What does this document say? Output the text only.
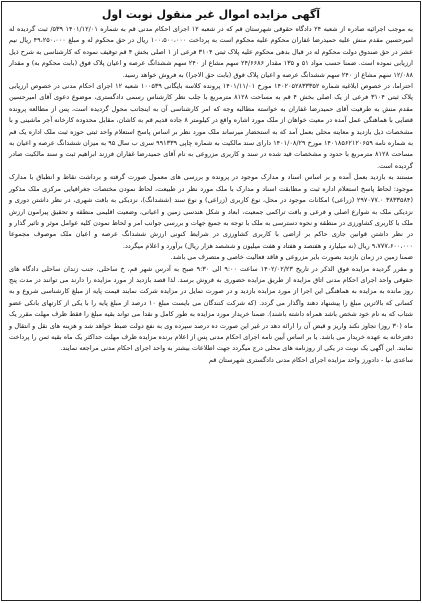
آگهی مزایده اموال غیر منقول نوبت اول

به موجب اجرائیه صادره از شعبه ۲۴ دادگاه حقوقی شهرستان قم که در شعبه ۱۲ اجرای احکام مدنی قم به شماره ۱۴۰۱/۱۲/۰۱ ۵۳۹/ ثبت گردیده له امیرحسین مقدم منش علیه حمیدرضا غفاران محکوم علیه محکوم است به پرداخت ۱۰۰،۵۰۰،۰۰۰ ریال در حق محکوم له و مبلغ ۴۹،۲۵۰،۰۰۰ ریال نیم عشر در حق صندوق دولت محکوم له در قبال بدهی محکوم علیه پلاک ثبتی ۳۱۰۴ فرعی از ۱ اصلی بخش ۴ قم توقیف نموده که کارشناسی به شرح ذیل ارزیابی نموده است. ضمنا حسب مواد ۵۱ و ۱۳۵ مقدار ۲۴/۶۶۸۶ سهم مشاع از ۲۴۰ سهم ششدانگ عرصه و اعیان پلاک فوق (بابت محکوم به) و مقدار ۱۲/۰۸۸ سهم مشاع از ۲۴۰ سهم ششدانگ عرصه و اعیان پلاک فوق (بابت حق الاجرا) به فروش خواهد رسید.

احتراما، در خصوص ابلاغیه شماره ۱۴۰۲۰۵۲۸۳۳۳۵۲ مورخ ۱۴۰۱/۱۱/۰۱ پرونده کلاسه بایگانی ۱۰۰۵۳۹ شعبه ۱۲ اجرای احکام مدنی در خصوص ارزیابی پلاک ثبتی ۳۱۰۴ فرعی از یک اصلی بخش ۴ قم به مساحت ۸۱۲۸ مترمربع با جلب نظر کارشناس رسمی دادگستری، موضوع دعوی آقای امیرحسین مقدم منش به طرفیت آقای حمیدرضا غفاران به خواسته مطالبه وجه که امر کارشناسی آن به اینجانب محول گردیده است، پس از مطالعه پرونده قضایی با هماهنگی عمل آمده در معیت خواهان از ملک مورد اشاره واقع در کیلومتر ۸ جاده قدیم قم به کاشان، مقابل محدوده کارخانه آجر ماشینی و با مشخصات ذیل بازدید و معاینه محلی بعمل آمد که به استحضار میرساند ملک مورد نظر بر اساس پاسخ استعلام واحد ثبتی حوزه ثبت ملک اداره یک قم به شماره نامه ۱۴۰۱۸۵۶۲۱۲۰۶۵۹ مورخ ۱۴۰۱/۰۸/۲۹ دارای سند مالکیت به شماره چاپی ۹۹۱۳۳۹ سری ب سال ۹۵ به میزان ششدانگ عرصه و اعیان به مساحت ۸۱۲۸ مترمربع با حدود و مشخصات قید شده در سند و کاربری مزروعی به نام آقای حمیدرضا غفاران فرزند ابراهیم ثبت و سند مالکیت صادر گردیده است.

مستند به بازدید بعمل آمده و بر اساس اسناد و مدارک موجود در پرونده و بررسی های معمول صورت گرفته و برداشت نقاط و انطباق با مدارک موجود: لحاظ پاسخ استعلام اداره ثبت و مطابقت اسناد و مدارک با ملک مورد نظر در طبیعت، لحاظ نمودن مختصات جغرافیایی مرکزی ملک مذکور (۳۸۳۳۵۸۴ ۲۹۷۰۷۷.۰ (زراعی) امکانات موجود در محل، نوع کاربری (زراعی) و نوع سند (ششدانگ)، نزدیکی به بافت شهری، در نظر داشتن دوری و نزدیکی ملک به شوارع اصلی و فرعی و بافت تراکمی جمعیت، ابعاد و شکل هندسی زمین و اعیانی، وضعیت اقلیمی منطقه و تحقیق پیرامون ارزش ملک با کاربری کشاورزی در منطقه و نحوه دسترسی به ملک با توجه به جمیع جهات و بررسی جوانب امر و لحاظ نمودن کلیه عوامل موثر و تاثیر گذار و در نظر داشتن قوانین جاری حاکم بر اراضی با کاربری کشاورزی در شرایط کنونی ارزش ششدانگ عرصه و اعیان ملک موصوف مجموعا ۹،۷۷۷،۶۰۰،۰۰۰ ریال (نه میلیارد و هفتصد و هفتاد و هفت میلیون و ششصد هزار ریال) برآورد و اعلام میگردد.

ضمنا زمین در زمان بازدید بصورت بایر مزروعی و فاقد فعالیت خاصی و متصرف می باشد.

و مقرر گردیده مزایده فوق الذکر در تاریخ ۱۴۰۲/۰۲/۲۳ ساعت ۹:۰۰ الی ۹:۳۰ صبح به آدرس شهر قم، خ ساحلی، جنب زندان ساحلی دادگاه های حقوقی واحد اجرای احکام مدنی اتاق مزایده از طریق مزایده حضوری به فروش برسد. لذا قصد بازدید از مورد مزایده را دارند می توانند در مدت پنج روز مانده به مزایده به هماهنگی این اجرا از مورد مزایده بازدید و در صورت تمایل در مزایده شرکت نمایند قیمت پایه از مبلغ کارشناسی شروع و به کسانی که بالاترین مبلغ را پیشنهاد دهند واگذار می گردد. (که شرکت کنندگان می بایست مبلغ ۱۰ درصد از مبلغ پایه را با یکی از کارتهای بانکی عضو شتاب که به نام خود شخص باشد همراه داشته باشند). ضمنا خریدار مورد مزایده به طور کامل و نقدا می تواند بقیه مبلغ را فقط ظرف مهلت مقرر یک ماه (۳۰ روز) تجاوز نکند واریز و قبض آن را ارائه دهد در غیر این صورت ده درصد سپرده وی به نفع دولت ضبط خواهد شد و هزینه های نقل و انتقال و دفترخانه به عهده خریدار می باشد. یا بر اساس آیین نامه اجرای احکام مدنی پس از اعلام برنده مزایده ظرف مهلت حداکثر یک ماه بقیه ثمن را پرداخت نمایند. این آگهی یک نوبت در یکی از روزنامه های محلی درج میگردد جهت اطلاعات بیشتر به واحد اجرای احکام مدنی مراجعه نمایند.

ساعدی نیا - دادورز واحد مزایده اجرای احکام مدنی دادگستری شهرستان قم
